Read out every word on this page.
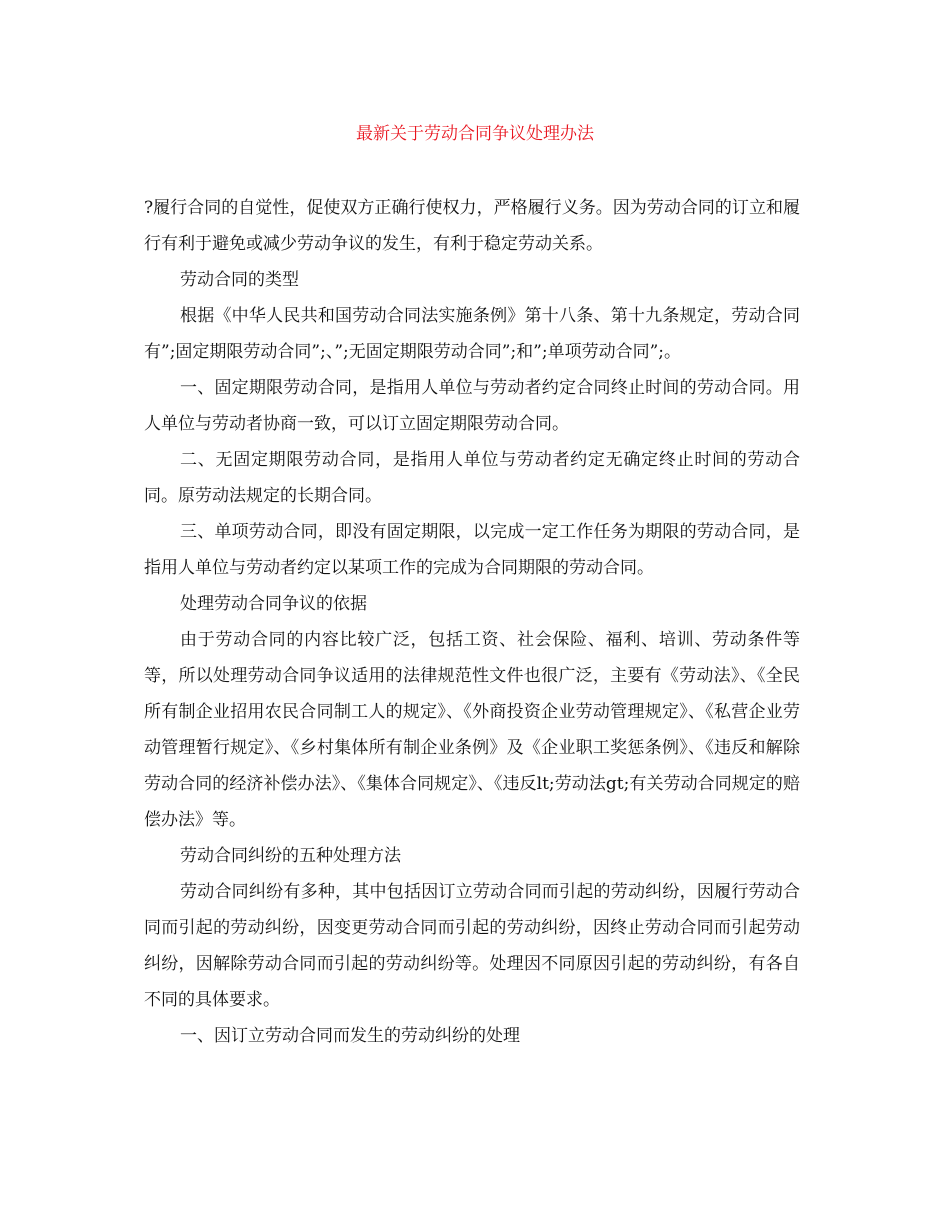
最新关于劳动合同争议处理办法

?履行合同的自觉性，促使双方正确行使权力，严格履行义务。因为劳动合同的订立和履行有利于避免或减少劳动争议的发生，有利于稳定劳动关系。

劳动合同的类型

根据《中华人民共和国劳动合同法实施条例》第十八条、第十九条规定，劳动合同有”;固定期限劳动合同”;、”;无固定期限劳动合同”;和”;单项劳动合同”;。

一、固定期限劳动合同，是指用人单位与劳动者约定合同终止时间的劳动合同。用人单位与劳动者协商一致，可以订立固定期限劳动合同。

二、无固定期限劳动合同，是指用人单位与劳动者约定无确定终止时间的劳动合同。原劳动法规定的长期合同。

三、单项劳动合同，即没有固定期限，以完成一定工作任务为期限的劳动合同，是指用人单位与劳动者约定以某项工作的完成为合同期限的劳动合同。

处理劳动合同争议的依据

由于劳动合同的内容比较广泛，包括工资、社会保险、福利、培训、劳动条件等等，所以处理劳动合同争议适用的法律规范性文件也很广泛，主要有《劳动法》、《全民所有制企业招用农民合同制工人的规定》、《外商投资企业劳动管理规定》、《私营企业劳动管理暂行规定》、《乡村集体所有制企业条例》及《企业职工奖惩条例》、《违反和解除劳动合同的经济补偿办法》、《集体合同规定》、《违反lt;劳动法gt;有关劳动合同规定的赔偿办法》等。

劳动合同纠纷的五种处理方法

劳动合同纠纷有多种，其中包括因订立劳动合同而引起的劳动纠纷，因履行劳动合同而引起的劳动纠纷，因变更劳动合同而引起的劳动纠纷，因终止劳动合同而引起劳动纠纷，因解除劳动合同而引起的劳动纠纷等。处理因不同原因引起的劳动纠纷，有各自不同的具体要求。

一、因订立劳动合同而发生的劳动纠纷的处理
